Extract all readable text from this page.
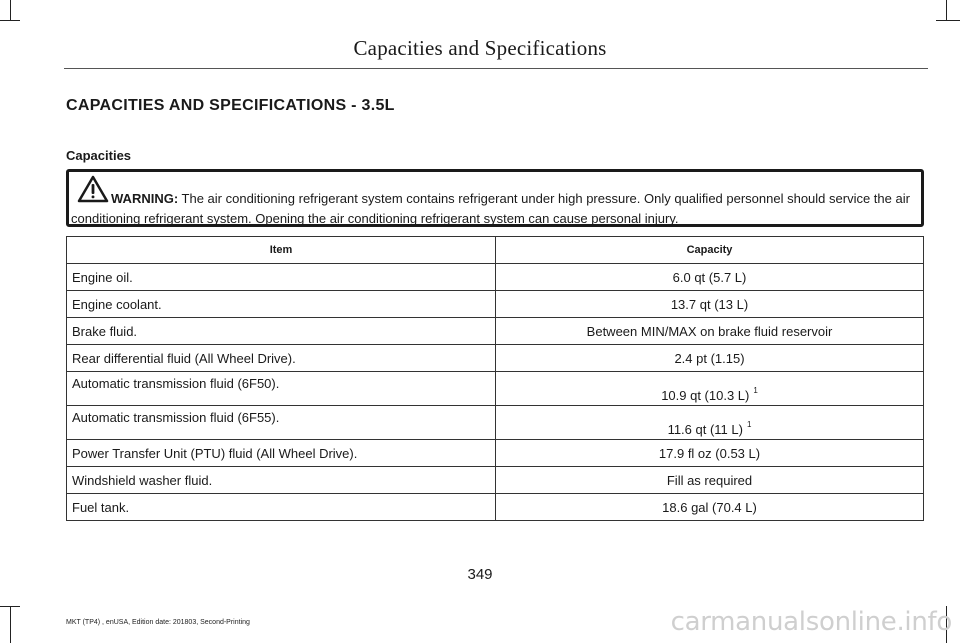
Capacities and Specifications
CAPACITIES AND SPECIFICATIONS - 3.5L
Capacities
WARNING: The air conditioning refrigerant system contains refrigerant under high pressure. Only qualified personnel should service the air conditioning refrigerant system. Opening the air conditioning refrigerant system can cause personal injury.
Item	Capacity
Engine oil.	6.0 qt (5.7 L)
Engine coolant.	13.7 qt (13 L)
Brake fluid.	Between MIN/MAX on brake fluid reservoir
Rear differential fluid (All Wheel Drive).	2.4 pt (1.15)
Automatic transmission fluid (6F50).	10.9 qt (10.3 L) $^1$
Automatic transmission fluid (6F55).	11.6 qt (11 L) $^1$
Power Transfer Unit (PTU) fluid (All Wheel Drive).	17.9 fl oz (0.53 L)
Windshield washer fluid.	Fill as required
Fuel tank.	18.6 gal (70.4 L)
349
MKT (TP4) , enUSA, Edition date: 201803, Second-Printing	carmanualsonline.info
